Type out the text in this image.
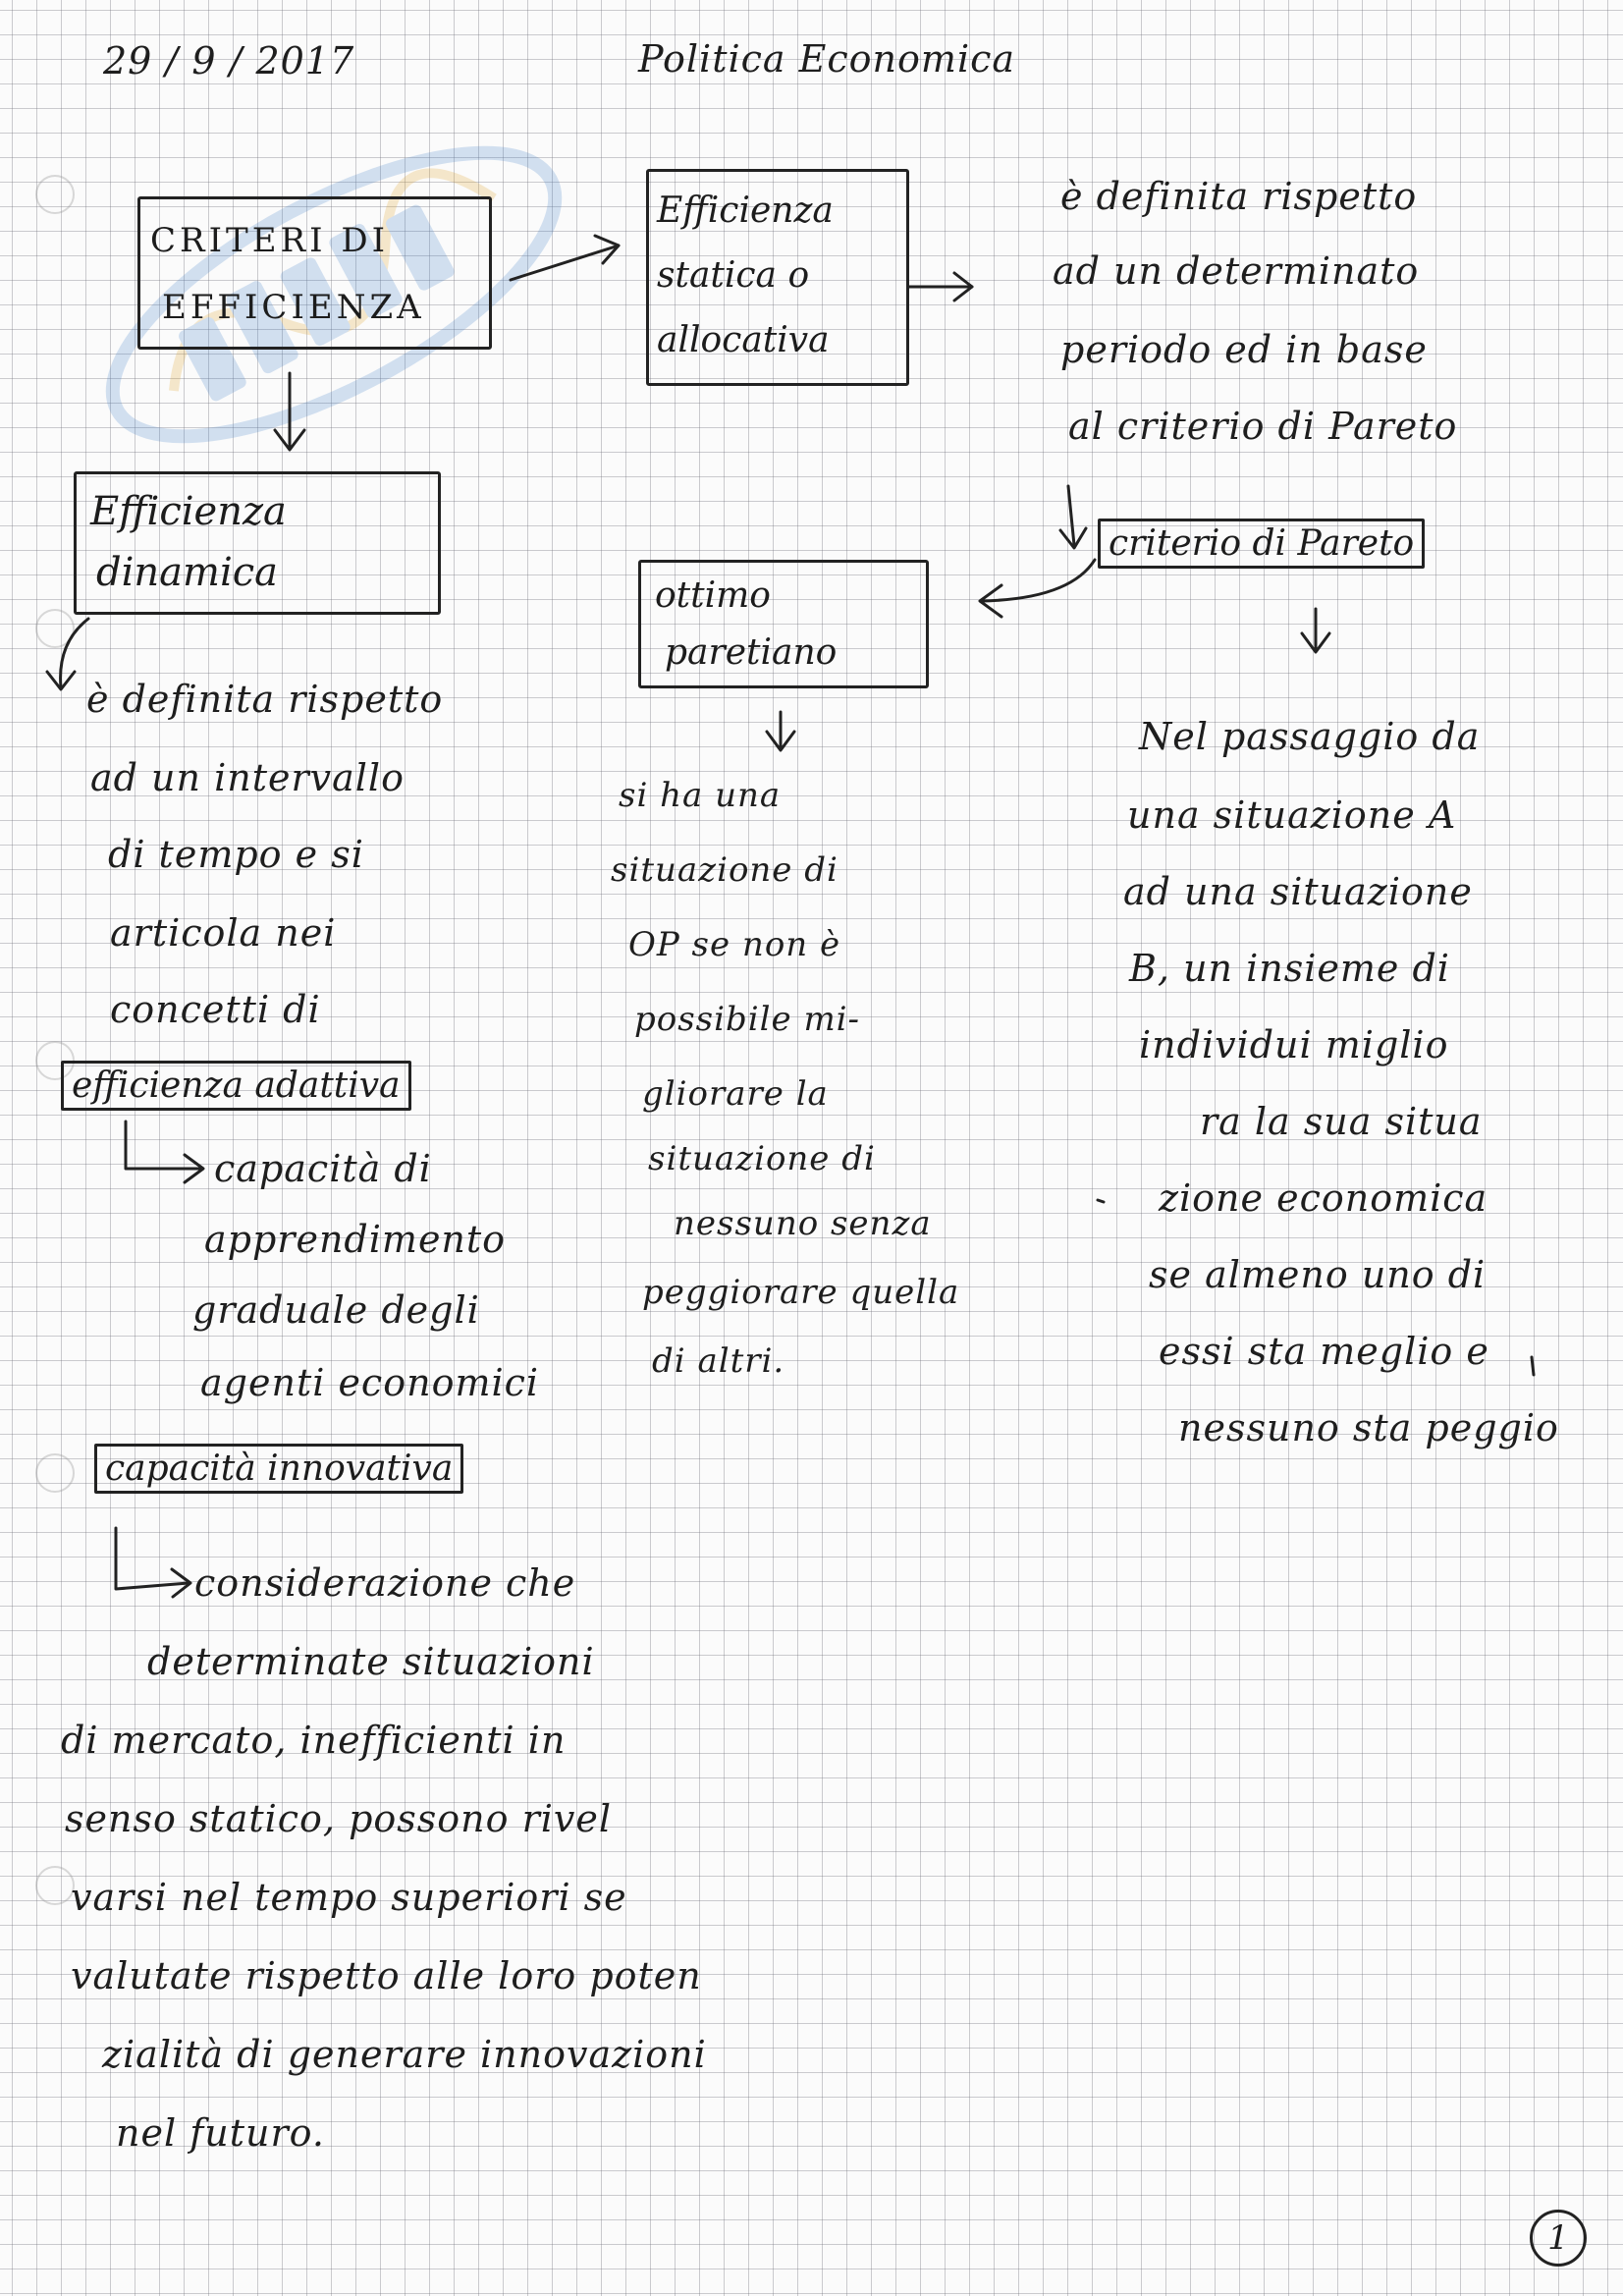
29 / 9 / 2017	Politica Economica
CRITERI DI
EFFICIENZA
Efficienza
statica o
allocativa
è definita rispetto
ad un determinato
periodo ed in base
al criterio di Pareto
criterio di Pareto
Nel passaggio da
una situazione A
ad una situazione
B, un insieme di
individui miglio
ra la sua situa
zione economica
se almeno uno di
essi sta meglio e
nessuno sta peggio
ottimo
paretiano
si ha una
situazione di
OP se non è
possibile mi-
gliorare la
situazione di
nessuno senza
peggiorare quella
di altri.
Efficienza
dinamica
è definita rispetto
ad un intervallo
di tempo e si
articola nei
concetti di
efficienza adattiva
capacità di
apprendimento
graduale degli
agenti economici
capacità innovativa
considerazione che
determinate situazioni
di mercato, inefficienti in
senso statico, possono rivel
varsi nel tempo superiori se
valutate rispetto alle loro poten
zialità di generare innovazioni
nel futuro.
1
